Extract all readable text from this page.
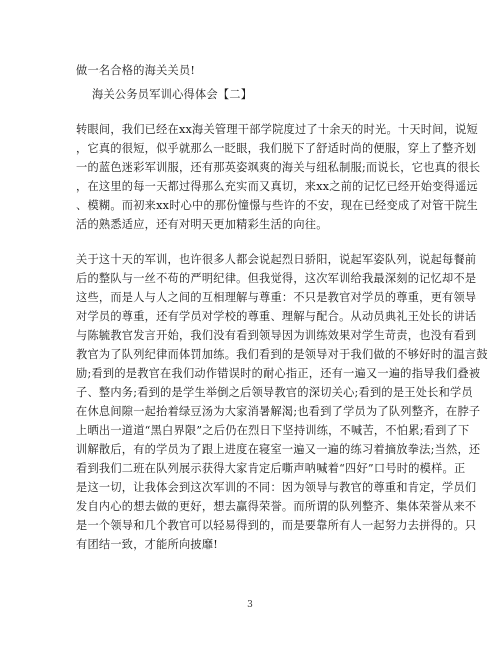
做一名合格的海关关员!
海关公务员军训心得体会【二】
转眼间，我们已经在xx海关管理干部学院度过了十余天的时光。十天时间，说短
，它真的很短，似乎就那么一眨眼，我们脱下了舒适时尚的便服，穿上了整齐划
一的蓝色迷彩军训服，还有那英姿飒爽的海关与纽私制服;而说长，它也真的很长
，在这里的每一天都过得那么充实而又真切，来xx之前的记忆已经开始变得遥远
、模糊。而初来xx时心中的那份憧憬与些许的不安，现在已经变成了对管干院生
活的熟悉适应，还有对明天更加精彩生活的向往。
关于这十天的军训，也许很多人都会说起烈日骄阳，说起军姿队列，说起每餐前
后的整队与一丝不苟的严明纪律。但我觉得，这次军训给我最深刻的记忆却不是
这些，而是人与人之间的互相理解与尊重：不只是教官对学员的尊重，更有领导
对学员的尊重，还有学员对学校的尊重、理解与配合。从动员典礼王处长的讲话
与陈毓教官发言开始，我们没有看到领导因为训练效果对学生苛责，也没有看到
教官为了队列纪律而体罚加练。我们看到的是领导对于我们做的不够好时的温言鼓
励;看到的是教官在我们动作错误时的耐心指正，还有一遍又一遍的指导我们叠被
子、整内务;看到的是学生举倒之后领导教官的深切关心;看到的是王处长和学员
在休息间隙一起抬着绿豆汤为大家消暑解渴;也看到了学员为了队列整齐，在脖子
上晒出一道道“黑白界限”之后仍在烈日下坚持训练，不喊苦，不怕累;看到了下
训解散后，有的学员为了跟上进度在寝室一遍又一遍的练习着摘放拳法;当然，还
看到我们二班在队列展示获得大家肯定后嘶声呐喊着“四好”口号时的模样。正
是这一切，让我体会到这次军训的不同：因为领导与教官的尊重和肯定，学员们
发自内心的想去做的更好，想去赢得荣誉。而所谓的队列整齐、集体荣誉从来不
是一个领导和几个教官可以轻易得到的，而是要靠所有人一起努力去拼得的。只
有团结一致，才能所向披靡!
3
